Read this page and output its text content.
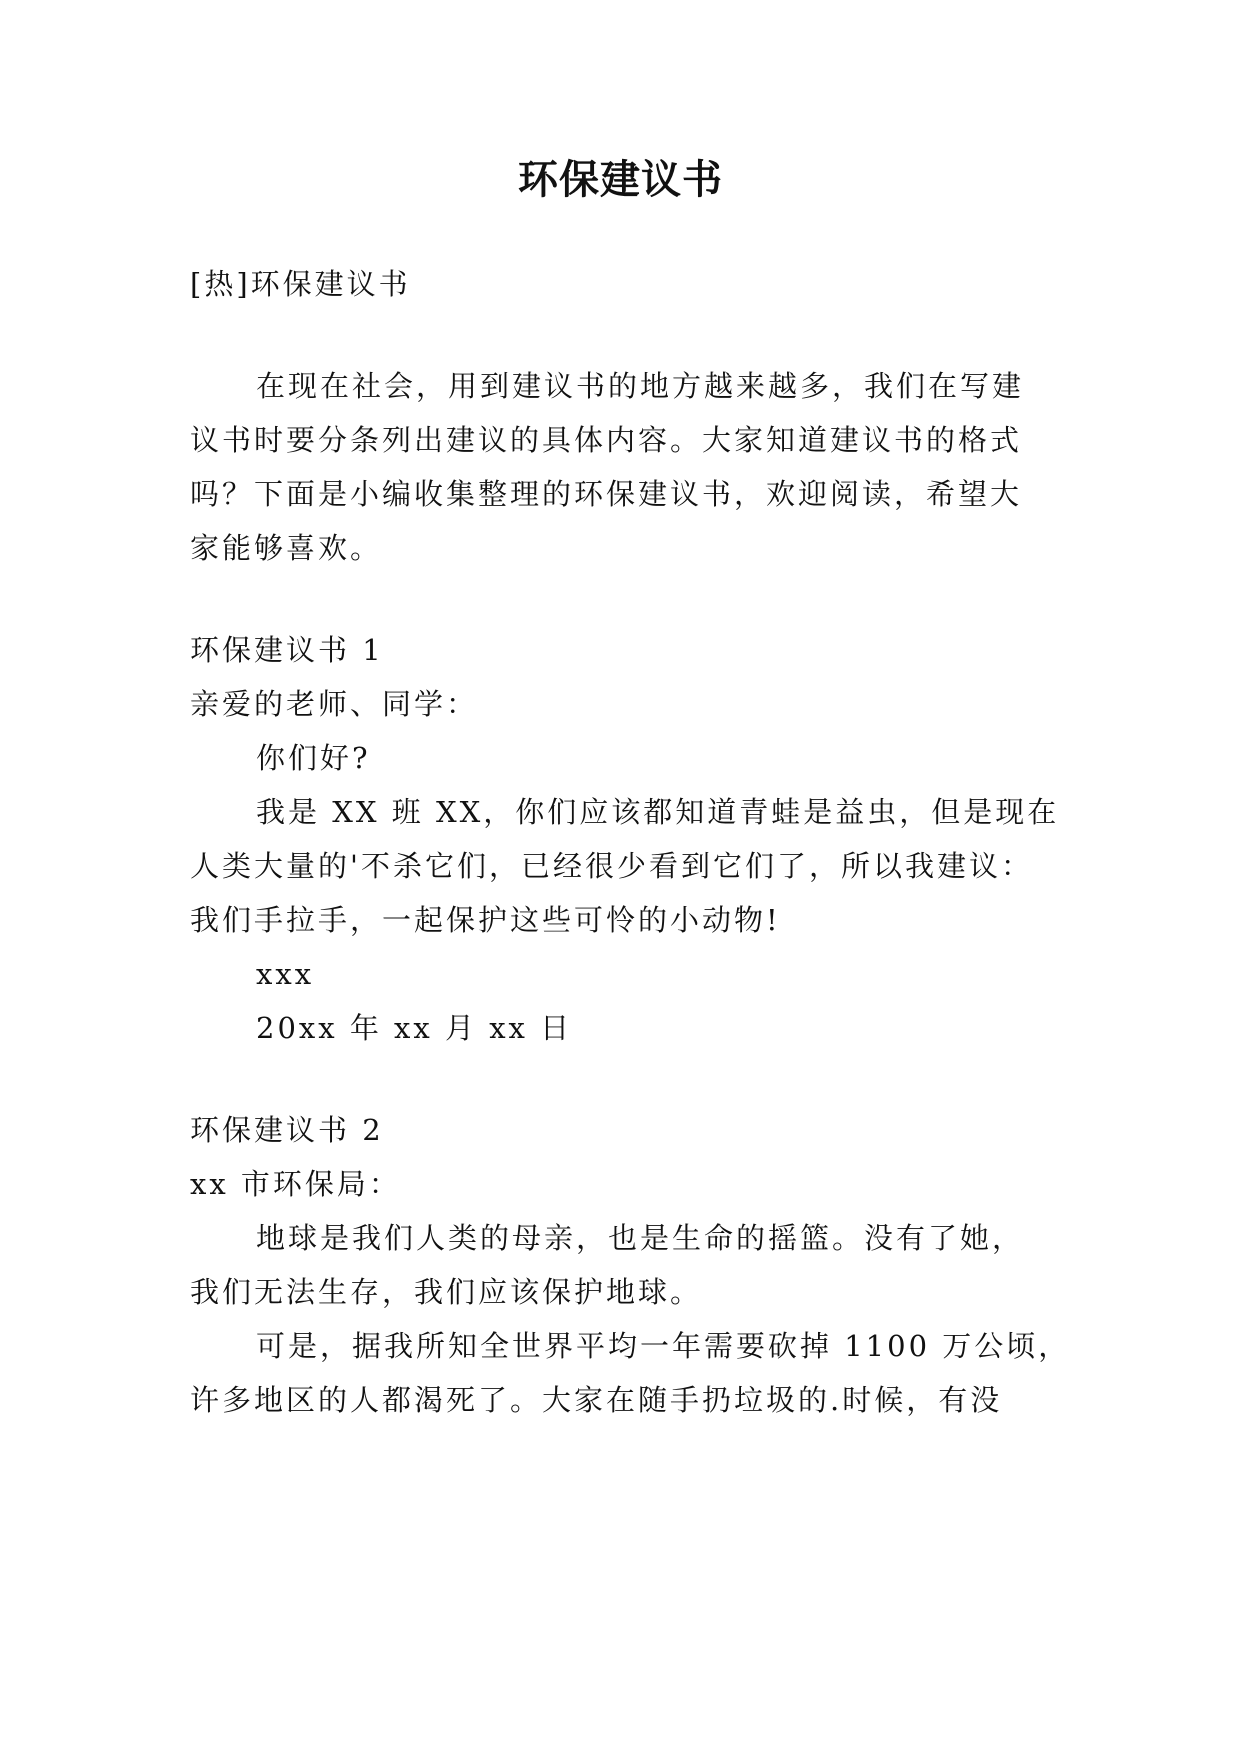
环保建议书
[热]环保建议书
在现在社会，用到建议书的地方越来越多，我们在写建
议书时要分条列出建议的具体内容。大家知道建议书的格式
吗？下面是小编收集整理的环保建议书，欢迎阅读，希望大
家能够喜欢。
环保建议书 1
亲爱的老师、同学：
你们好?
我是 XX 班 XX，你们应该都知道青蛙是益虫，但是现在
人类大量的'不杀它们，已经很少看到它们了，所以我建议：
我们手拉手，一起保护这些可怜的小动物!
xxx
20xx 年 xx 月 xx 日
环保建议书 2
xx 市环保局：
地球是我们人类的母亲，也是生命的摇篮。没有了她，
我们无法生存，我们应该保护地球。
可是，据我所知全世界平均一年需要砍掉 1100 万公顷，
许多地区的人都渴死了。大家在随手扔垃圾的.时候，有没
